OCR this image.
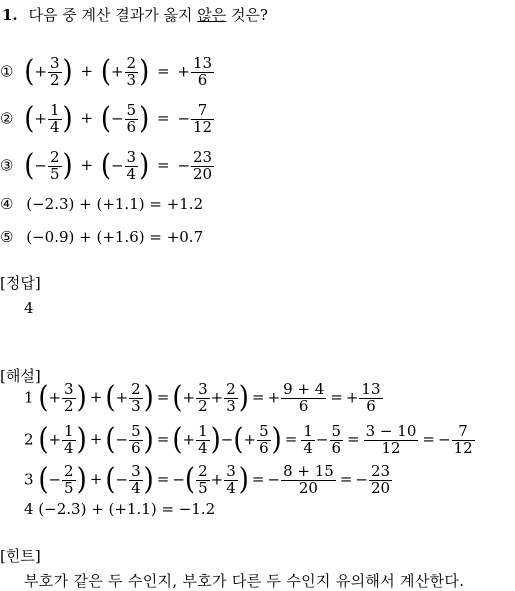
1. 다음 중 계산 결과가 옳지 않은 것은?
① (+ $\frac{3}{2}$ ) + (+ $\frac{2}{3}$ ) = + $\frac{13}{6}$
② (+ $\frac{1}{4}$ ) + (− $\frac{5}{6}$ ) = − $\frac{7}{12}$
③ (− $\frac{2}{5}$ ) + (− $\frac{3}{4}$ ) = − $\frac{23}{20}$
④ (−2.3) + (+1.1) = +1.2
⑤ (−0.9) + (+1.6) = +0.7
[정답]
4
[해설]
1 (+ $\frac{3}{2}$ ) + (+ $\frac{2}{3}$ ) = (+ $\frac{3}{2} + \frac{2}{3}$ ) = + $\frac{9 + 4}{6}$ = + $\frac{13}{6}$
2 (+ $\frac{1}{4}$ ) + (− $\frac{5}{6}$ ) = (+ $\frac{1}{4}$ )−(+ $\frac{5}{6}$ ) = $\frac{1}{4} - \frac{5}{6} = \frac{3 - 10}{12}$ = − $\frac{7}{12}$
3 (− $\frac{2}{5}$ ) + (− $\frac{3}{4}$ ) = −( $\frac{2}{5} + \frac{3}{4}$ ) = − $\frac{8 + 15}{20}$ = − $\frac{23}{20}$
4 (−2.3) + (+1.1) = −1.2
[힌트]
부호가 같은 두 수인지, 부호가 다른 두 수인지 유의해서 계산한다.
